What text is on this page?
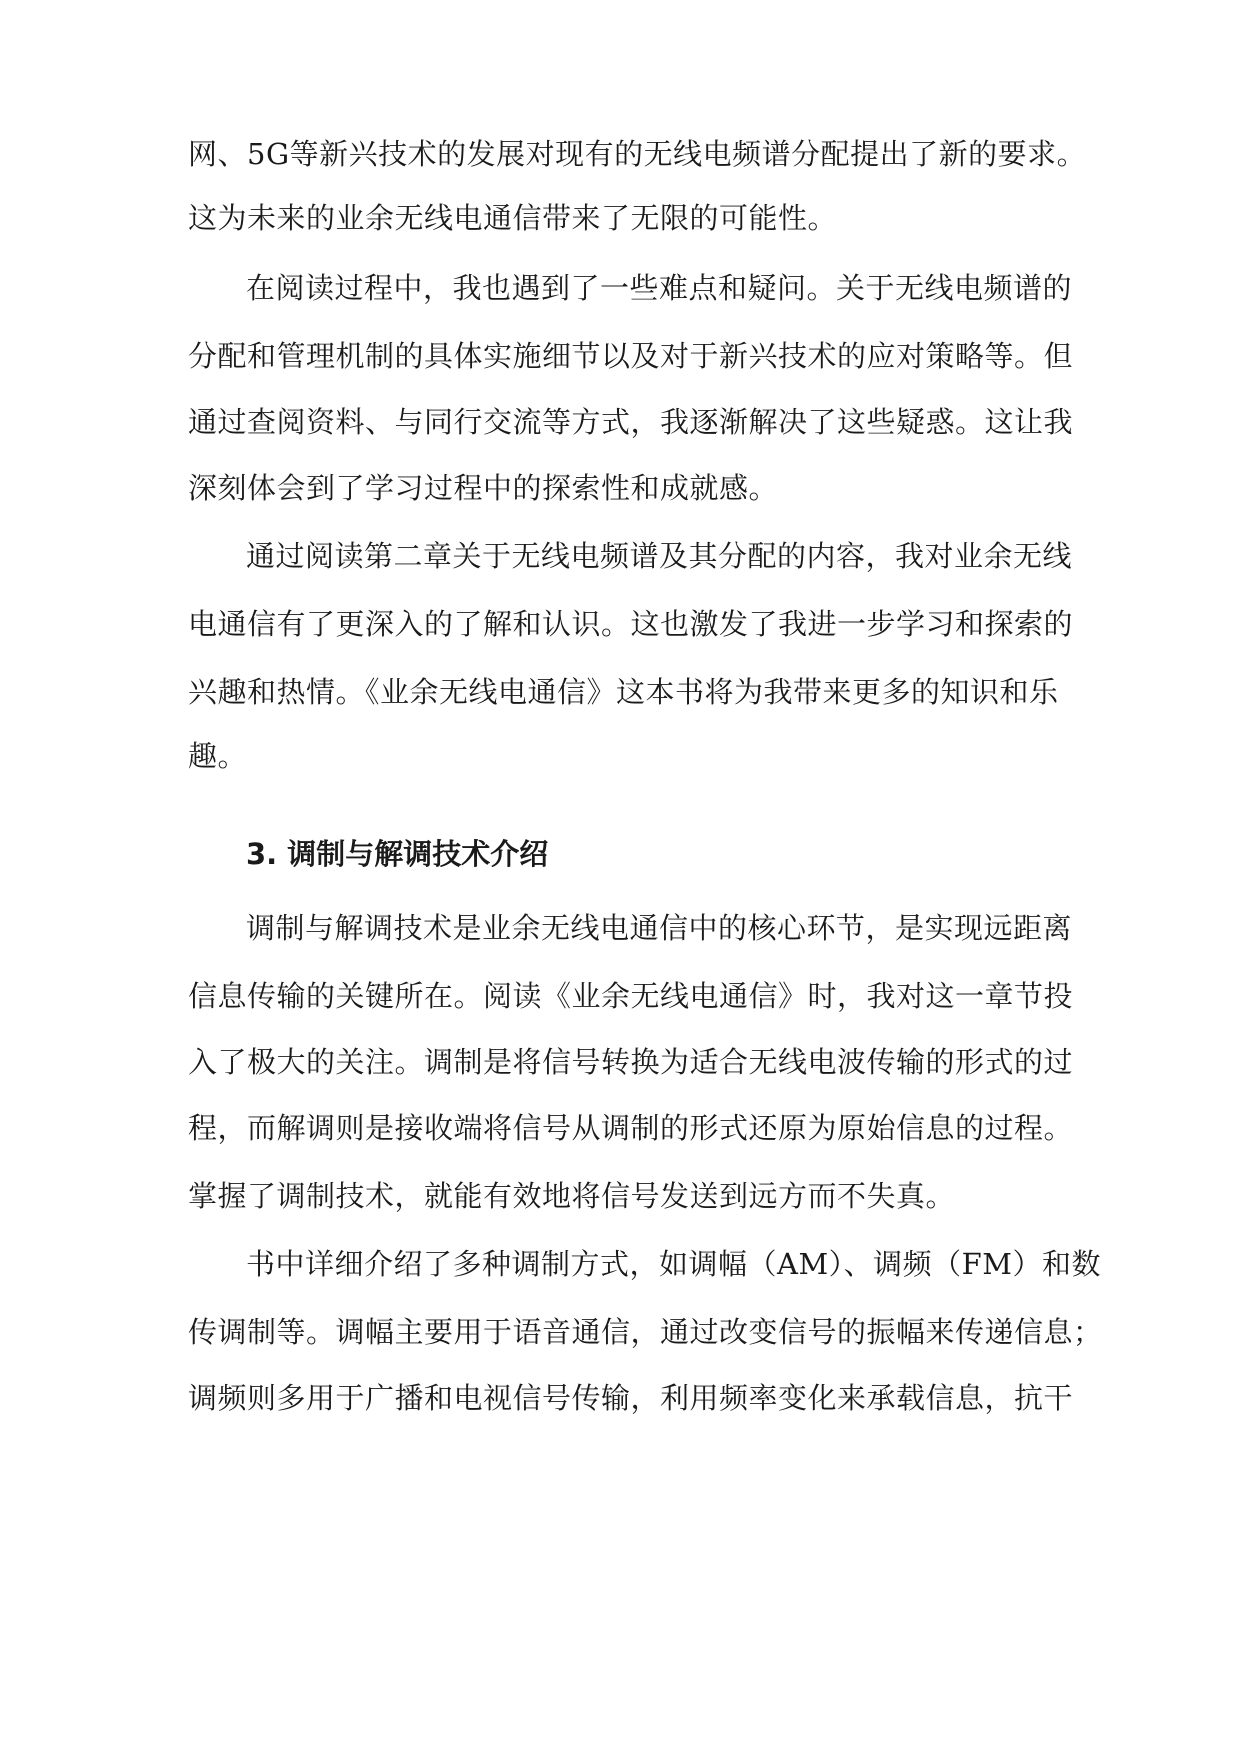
网、5G等新兴技术的发展对现有的无线电频谱分配提出了新的要求。
这为未来的业余无线电通信带来了无限的可能性。
在阅读过程中，我也遇到了一些难点和疑问。关于无线电频谱的
分配和管理机制的具体实施细节以及对于新兴技术的应对策略等。但
通过查阅资料、与同行交流等方式，我逐渐解决了这些疑惑。这让我
深刻体会到了学习过程中的探索性和成就感。
通过阅读第二章关于无线电频谱及其分配的内容，我对业余无线
电通信有了更深入的了解和认识。这也激发了我进一步学习和探索的
兴趣和热情。《业余无线电通信》这本书将为我带来更多的知识和乐
趣。
3. 调制与解调技术介绍
调制与解调技术是业余无线电通信中的核心环节，是实现远距离
信息传输的关键所在。阅读《业余无线电通信》时，我对这一章节投
入了极大的关注。调制是将信号转换为适合无线电波传输的形式的过
程，而解调则是接收端将信号从调制的形式还原为原始信息的过程。
掌握了调制技术，就能有效地将信号发送到远方而不失真。
书中详细介绍了多种调制方式，如调幅（AM）、调频（FM）和数
传调制等。调幅主要用于语音通信，通过改变信号的振幅来传递信息；
调频则多用于广播和电视信号传输，利用频率变化来承载信息，抗干
